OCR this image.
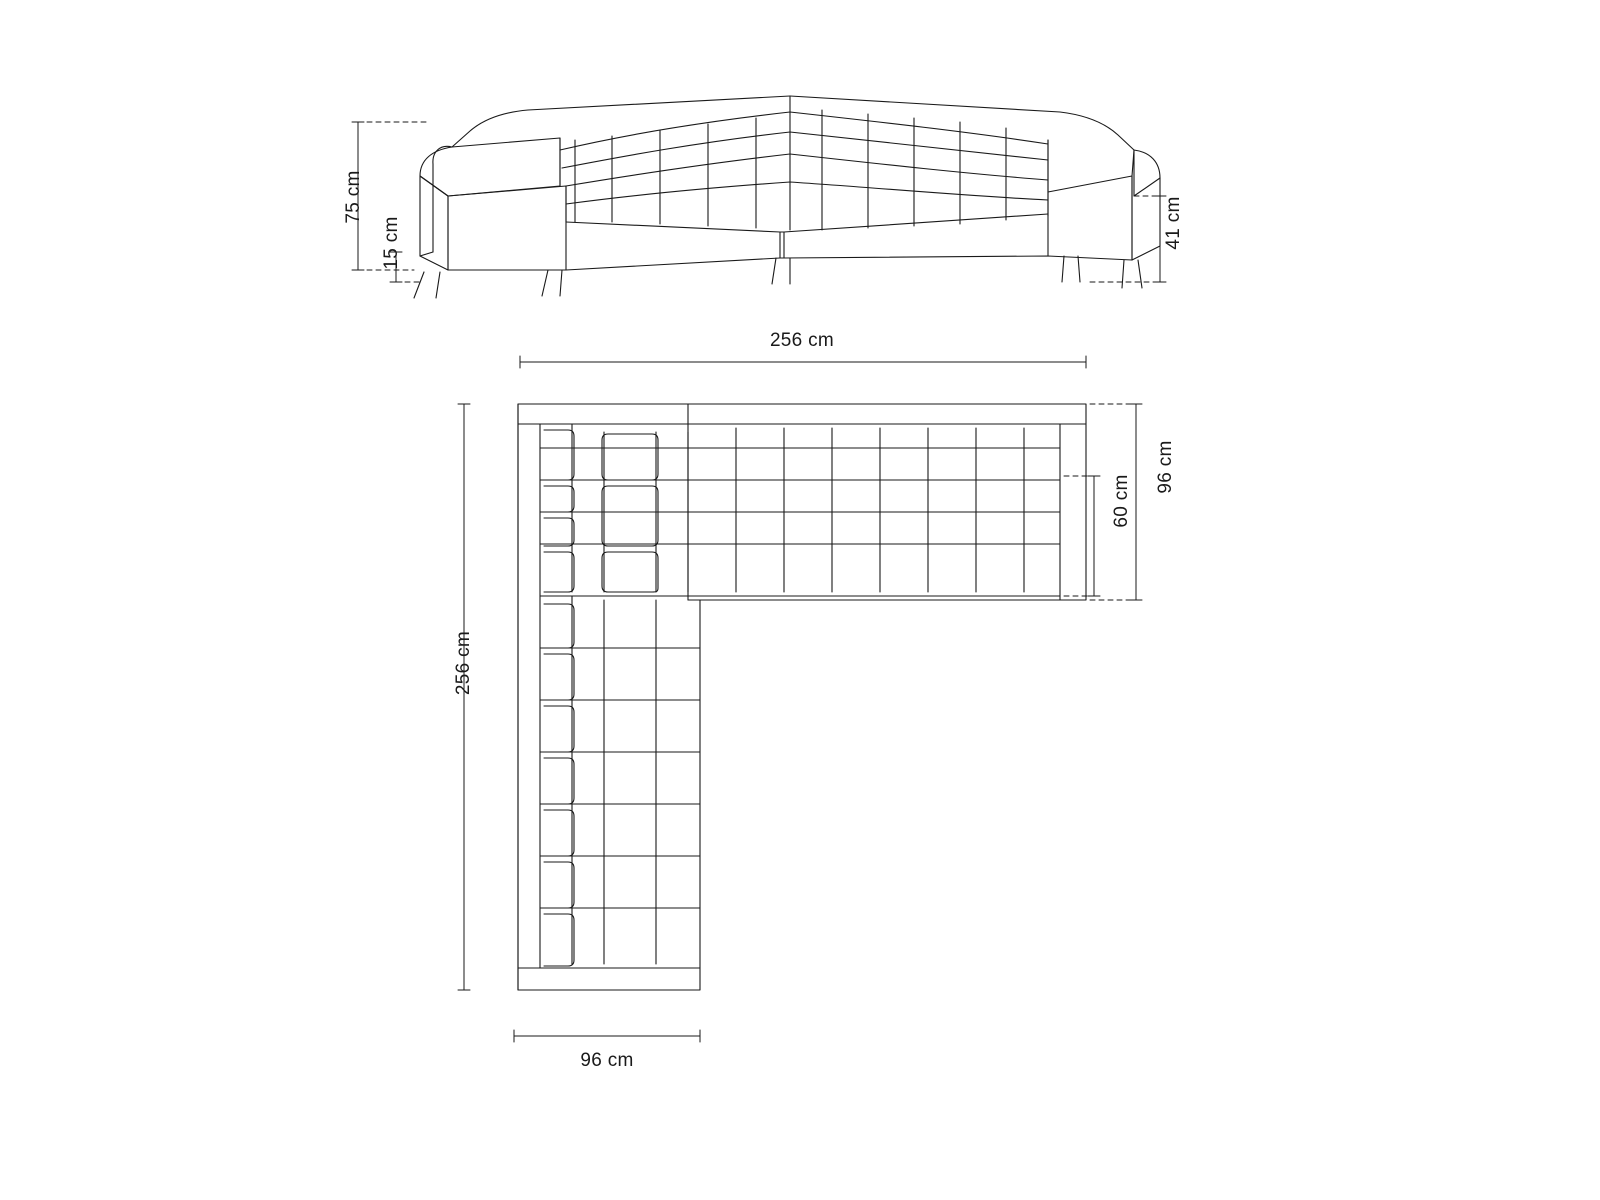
75 cm
15 cm	41 cm
256 cm
96 cm
60 cm
256 cm
96 cm
